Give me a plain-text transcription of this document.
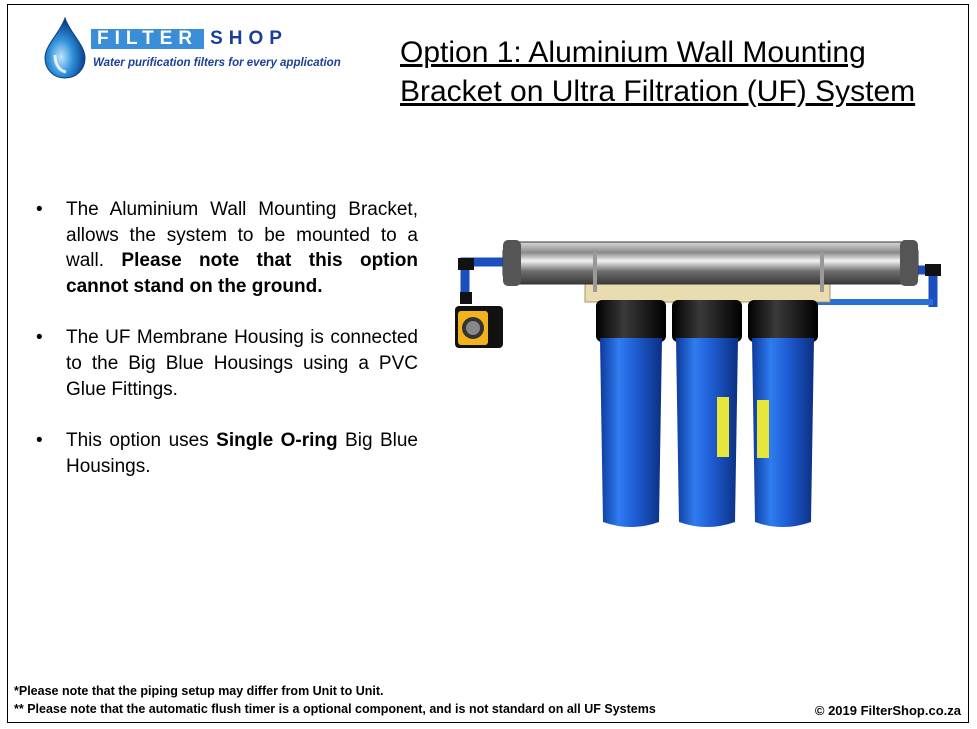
FILTER SHOP
Water purification filters for every application Option 1: Aluminium Wall Mounting Bracket on Ultra Filtration (UF) System
• The Aluminium Wall Mounting Bracket, allows the system to be mounted to a wall. Please note that this option cannot stand on the ground.
• The UF Membrane Housing is connected to the Big Blue Housings using a PVC Glue Fittings.
• This option uses Single O-ring Big Blue Housings.
*Please note that the piping setup may differ from Unit to Unit.
** Please note that the automatic flush timer is a optional component, and is not standard on all UF Systems	© 2019 FilterShop.co.za
